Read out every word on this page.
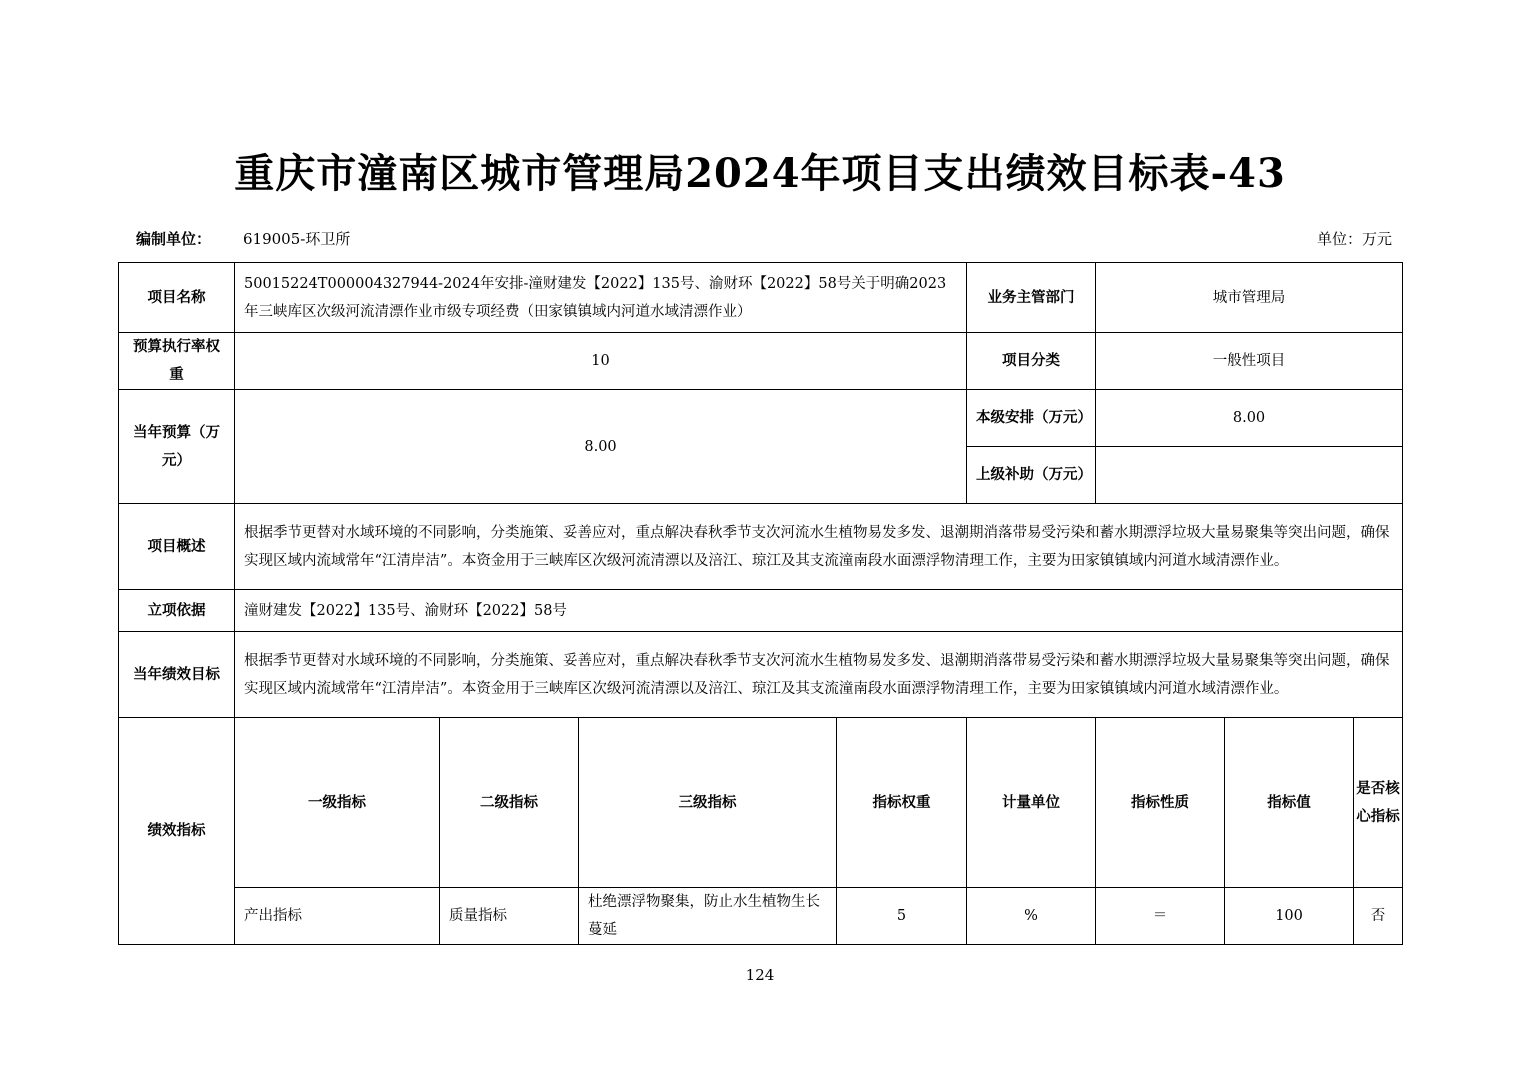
重庆市潼南区城市管理局2024年项目支出绩效目标表-43
编制单位： 619005-环卫所	单位：万元
项目名称	50015224T000004327944-2024年安排-潼财建发【2022】135号、渝财环【2022】58号关于明确2023年三峡库区次级河流清漂作业市级专项经费（田家镇镇域内河道水域清漂作业）				业务主管部门	城市管理局		
预算执行率权重	10				项目分类	一般性项目		
当年预算（万元）	8.00				本级安排（万元）	8.00		
					上级补助（万元）			
项目概述	根据季节更替对水域环境的不同影响，分类施策、妥善应对，重点解决春秋季节支次河流水生植物易发多发、退潮期消落带易受污染和蓄水期漂浮垃圾大量易聚集等突出问题，确保实现区域内流域常年“江清岸洁”。本资金用于三峡库区次级河流清漂以及涪江、琼江及其支流潼南段水面漂浮物清理工作，主要为田家镇镇域内河道水域清漂作业。							
立项依据	潼财建发【2022】135号、渝财环【2022】58号							
当年绩效目标	根据季节更替对水域环境的不同影响，分类施策、妥善应对，重点解决春秋季节支次河流水生植物易发多发、退潮期消落带易受污染和蓄水期漂浮垃圾大量易聚集等突出问题，确保实现区域内流域常年“江清岸洁”。本资金用于三峡库区次级河流清漂以及涪江、琼江及其支流潼南段水面漂浮物清理工作，主要为田家镇镇域内河道水域清漂作业。							
绩效指标	一级指标	二级指标	三级指标	指标权重	计量单位	指标性质	指标值	是否核心指标
	产出指标	质量指标	杜绝漂浮物聚集，防止水生植物生长蔓延	5	%	＝	100	否
124
